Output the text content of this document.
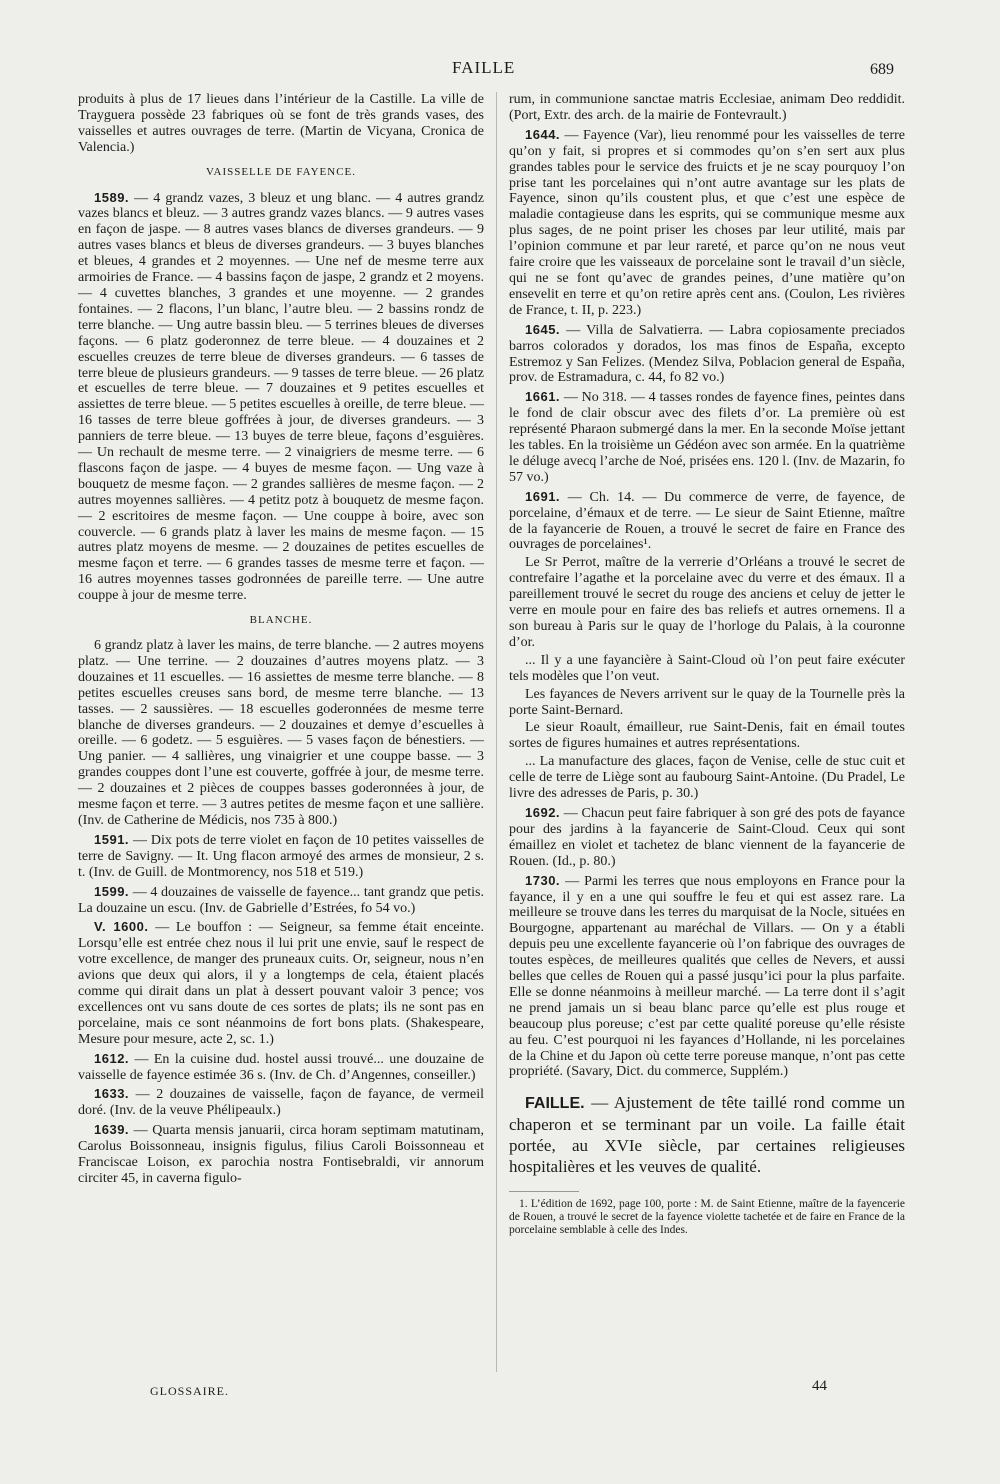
FAILLE	689

produits à plus de 17 lieues dans l’intérieur de la Castille. La ville de Trayguera possède 23 fabriques où se font de très grands vases, des vaisselles et autres ouvrages de terre. (Martin de Vicyana, Cronica de Valencia.)

VAISSELLE DE FAYENCE.

1589. — 4 grandz vazes, 3 bleuz et ung blanc. — 4 autres grandz vazes blancs et bleuz. — 3 autres grandz vazes blancs. — 9 autres vases en façon de jaspe. — 8 autres vases blancs de diverses grandeurs. — 9 autres vases blancs et bleus de diverses grandeurs. — 3 buyes blanches et bleues, 4 grandes et 2 moyennes. — Une nef de mesme terre aux armoiries de France. — 4 bassins façon de jaspe, 2 grandz et 2 moyens. — 4 cuvettes blanches, 3 grandes et une moyenne. — 2 grandes fontaines. — 2 flacons, l’un blanc, l’autre bleu. — 2 bassins rondz de terre blanche. — Ung autre bassin bleu. — 5 terrines bleues de diverses façons. — 6 platz goderonnez de terre bleue. — 4 douzaines et 2 escuelles creuzes de terre bleue de diverses grandeurs. — 6 tasses de terre bleue de plusieurs grandeurs. — 9 tasses de terre bleue. — 26 platz et escuelles de terre bleue. — 7 douzaines et 9 petites escuelles et assiettes de terre bleue. — 5 petites escuelles à oreille, de terre bleue. — 16 tasses de terre bleue goffrées à jour, de diverses grandeurs. — 3 panniers de terre bleue. — 13 buyes de terre bleue, façons d’esguières. — Un rechault de mesme terre. — 2 vinaigriers de mesme terre. — 6 flascons façon de jaspe. — 4 buyes de mesme façon. — Ung vaze à bouquetz de mesme façon. — 2 grandes sallières de mesme façon. — 2 autres moyennes sallières. — 4 petitz potz à bouquetz de mesme façon. — 2 escritoires de mesme façon. — Une couppe à boire, avec son couvercle. — 6 grands platz à laver les mains de mesme façon. — 15 autres platz moyens de mesme. — 2 douzaines de petites escuelles de mesme façon et terre. — 6 grandes tasses de mesme terre et façon. — 16 autres moyennes tasses godronnées de pareille terre. — Une autre couppe à jour de mesme terre.

BLANCHE.

6 grandz platz à laver les mains, de terre blanche. — 2 autres moyens platz. — Une terrine. — 2 douzaines d’autres moyens platz. — 3 douzaines et 11 escuelles. — 16 assiettes de mesme terre blanche. — 8 petites escuelles creuses sans bord, de mesme terre blanche. — 13 tasses. — 2 saussières. — 18 escuelles goderonnées de mesme terre blanche de diverses grandeurs. — 2 douzaines et demye d’escuelles à oreille. — 6 godetz. — 5 esguières. — 5 vases façon de bénestiers. — Ung panier. — 4 sallières, ung vinaigrier et une couppe basse. — 3 grandes couppes dont l’une est couverte, goffrée à jour, de mesme terre. — 2 douzaines et 2 pièces de couppes basses goderonnées à jour, de mesme façon et terre. — 3 autres petites de mesme façon et une sallière. (Inv. de Catherine de Médicis, nos 735 à 800.)

1591. — Dix pots de terre violet en façon de 10 petites vaisselles de terre de Savigny. — It. Ung flacon armoyé des armes de monsieur, 2 s. t. (Inv. de Guill. de Montmorency, nos 518 et 519.)

1599. — 4 douzaines de vaisselle de fayence... tant grandz que petis. La douzaine un escu. (Inv. de Gabrielle d’Estrées, fo 54 vo.)

V. 1600. — Le bouffon : — Seigneur, sa femme était enceinte. Lorsqu’elle est entrée chez nous il lui prit une envie, sauf le respect de votre excellence, de manger des pruneaux cuits. Or, seigneur, nous n’en avions que deux qui alors, il y a longtemps de cela, étaient placés comme qui dirait dans un plat à dessert pouvant valoir 3 pence; vos excellences ont vu sans doute de ces sortes de plats; ils ne sont pas en porcelaine, mais ce sont néanmoins de fort bons plats. (Shakespeare, Mesure pour mesure, acte 2, sc. 1.)

1612. — En la cuisine dud. hostel aussi trouvé... une douzaine de vaisselle de fayence estimée 36 s. (Inv. de Ch. d’Angennes, conseiller.)

1633. — 2 douzaines de vaisselle, façon de fayance, de vermeil doré. (Inv. de la veuve Phélipeaulx.)

1639. — Quarta mensis januarii, circa horam septimam matutinam, Carolus Boissonneau, insignis figulus, filius Caroli Boissonneau et Franciscae Loison, ex parochia nostra Fontisebraldi, vir annorum circiter 45, in caverna figulo-

rum, in communione sanctae matris Ecclesiae, animam Deo reddidit. (Port, Extr. des arch. de la mairie de Fontevrault.)

1644. — Fayence (Var), lieu renommé pour les vaisselles de terre qu’on y fait, si propres et si commodes qu’on s’en sert aux plus grandes tables pour le service des fruicts et je ne scay pourquoy l’on prise tant les porcelaines qui n’ont autre avantage sur les plats de Fayence, sinon qu’ils coustent plus, et que c’est une espèce de maladie contagieuse dans les esprits, qui se communique mesme aux plus sages, de ne point priser les choses par leur utilité, mais par l’opinion commune et par leur rareté, et parce qu’on ne nous veut faire croire que les vaisseaux de porcelaine sont le travail d’un siècle, qui ne se font qu’avec de grandes peines, d’une matière qu’on ensevelit en terre et qu’on retire après cent ans. (Coulon, Les rivières de France, t. II, p. 223.)

1645. — Villa de Salvatierra. — Labra copiosamente preciados barros colorados y dorados, los mas finos de España, excepto Estremoz y San Felizes. (Mendez Silva, Poblacion general de España, prov. de Estramadura, c. 44, fo 82 vo.)

1661. — No 318. — 4 tasses rondes de fayence fines, peintes dans le fond de clair obscur avec des filets d’or. La première où est représenté Pharaon submergé dans la mer. En la seconde Moïse jettant les tables. En la troisième un Gédéon avec son armée. En la quatrième le déluge avecq l’arche de Noé, prisées ens. 120 l. (Inv. de Mazarin, fo 57 vo.)

1691. — Ch. 14. — Du commerce de verre, de fayence, de porcelaine, d’émaux et de terre. — Le sieur de Saint Etienne, maître de la fayancerie de Rouen, a trouvé le secret de faire en France des ouvrages de porcelaines¹.

Le Sr Perrot, maître de la verrerie d’Orléans a trouvé le secret de contrefaire l’agathe et la porcelaine avec du verre et des émaux. Il a pareillement trouvé le secret du rouge des anciens et celuy de jetter le verre en moule pour en faire des bas reliefs et autres ornemens. Il a son bureau à Paris sur le quay de l’horloge du Palais, à la couronne d’or.

... Il y a une fayancière à Saint-Cloud où l’on peut faire exécuter tels modèles que l’on veut.

Les fayances de Nevers arrivent sur le quay de la Tournelle près la porte Saint-Bernard.

Le sieur Roault, émailleur, rue Saint-Denis, fait en émail toutes sortes de figures humaines et autres représentations.

... La manufacture des glaces, façon de Venise, celle de stuc cuit et celle de terre de Liège sont au faubourg Saint-Antoine. (Du Pradel, Le livre des adresses de Paris, p. 30.)

1692. — Chacun peut faire fabriquer à son gré des pots de fayance pour des jardins à la fayancerie de Saint-Cloud. Ceux qui sont émaillez en violet et tachetez de blanc viennent de la fayancerie de Rouen. (Id., p. 80.)

1730. — Parmi les terres que nous employons en France pour la fayance, il y en a une qui souffre le feu et qui est assez rare. La meilleure se trouve dans les terres du marquisat de la Nocle, situées en Bourgogne, appartenant au maréchal de Villars. — On y a établi depuis peu une excellente fayancerie où l’on fabrique des ouvrages de toutes espèces, de meilleures qualités que celles de Nevers, et aussi belles que celles de Rouen qui a passé jusqu’ici pour la plus parfaite. Elle se donne néanmoins à meilleur marché. — La terre dont il s’agit ne prend jamais un si beau blanc parce qu’elle est plus rouge et beaucoup plus poreuse; c’est par cette qualité poreuse qu’elle résiste au feu. C’est pourquoi ni les fayances d’Hollande, ni les porcelaines de la Chine et du Japon où cette terre poreuse manque, n’ont pas cette propriété. (Savary, Dict. du commerce, Supplém.)

FAILLE. — Ajustement de tête taillé rond comme un chaperon et se terminant par un voile. La faille était portée, au XVIe siècle, par certaines religieuses hospitalières et les veuves de qualité.

1. L’édition de 1692, page 100, porte : M. de Saint Etienne, maître de la fayencerie de Rouen, a trouvé le secret de la fayence violette tachetée et de faire en France de la porcelaine semblable à celle des Indes.

GLOSSAIRE.	44
